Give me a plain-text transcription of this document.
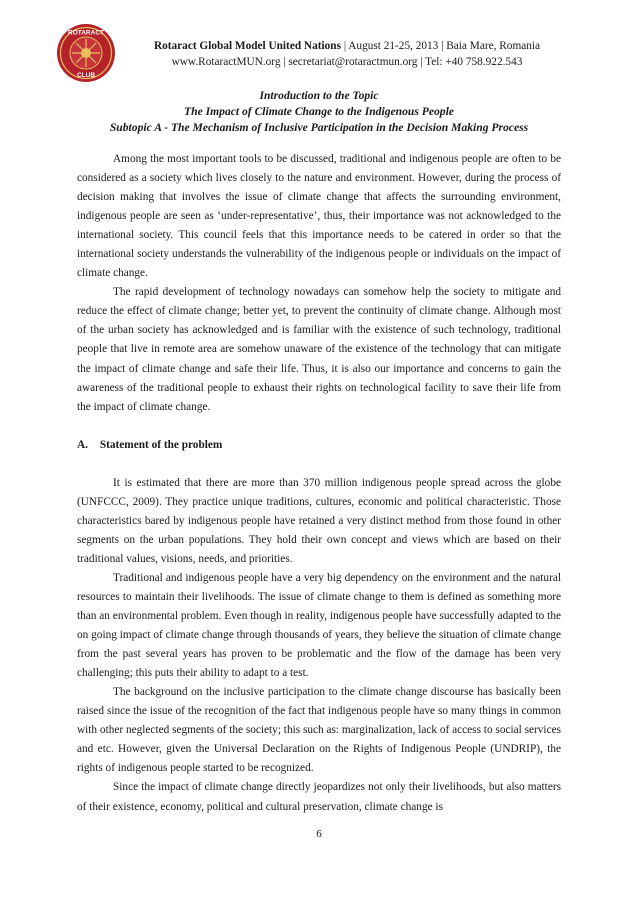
ROTARACT
CLUB
Rotaract Global Model United Nations | August 21-25, 2013 | Baia Mare, Romania
www.RotaractMUN.org | secretariat@rotaractmun.org | Tel: +40 758.922.543
Introduction to the Topic
The Impact of Climate Change to the Indigenous People
Subtopic A - The Mechanism of Inclusive Participation in the Decision Making Process

Among the most important tools to be discussed, traditional and indigenous people are often to be considered as a society which lives closely to the nature and environment. However, during the process of decision making that involves the issue of climate change that affects the surrounding environment, indigenous people are seen as ‘under-representative’, thus, their importance was not acknowledged to the international society. This council feels that this importance needs to be catered in order so that the international society understands the vulnerability of the indigenous people or individuals on the impact of climate change.

The rapid development of technology nowadays can somehow help the society to mitigate and reduce the effect of climate change; better yet, to prevent the continuity of climate change. Although most of the urban society has acknowledged and is familiar with the existence of such technology, traditional people that live in remote area are somehow unaware of the existence of the technology that can mitigate the impact of climate change and safe their life. Thus, it is also our importance and concerns to gain the awareness of the traditional people to exhaust their rights on technological facility to save their life from the impact of climate change.

A. Statement of the problem

It is estimated that there are more than 370 million indigenous people spread across the globe (UNFCCC, 2009). They practice unique traditions, cultures, economic and political characteristic. Those characteristics bared by indigenous people have retained a very distinct method from those found in other segments on the urban populations. They hold their own concept and views which are based on their traditional values, visions, needs, and priorities.

Traditional and indigenous people have a very big dependency on the environment and the natural resources to maintain their livelihoods. The issue of climate change to them is defined as something more than an environmental problem. Even though in reality, indigenous people have successfully adapted to the on going impact of climate change through thousands of years, they believe the situation of climate change from the past several years has proven to be problematic and the flow of the damage has been very challenging; this puts their ability to adapt to a test.

The background on the inclusive participation to the climate change discourse has basically been raised since the issue of the recognition of the fact that indigenous people have so many things in common with other neglected segments of the society; this such as: marginalization, lack of access to social services and etc. However, given the Universal Declaration on the Rights of Indigenous People (UNDRIP), the rights of indigenous people started to be recognized.

Since the impact of climate change directly jeopardizes not only their livelihoods, but also matters of their existence, economy, political and cultural preservation, climate change is

6
